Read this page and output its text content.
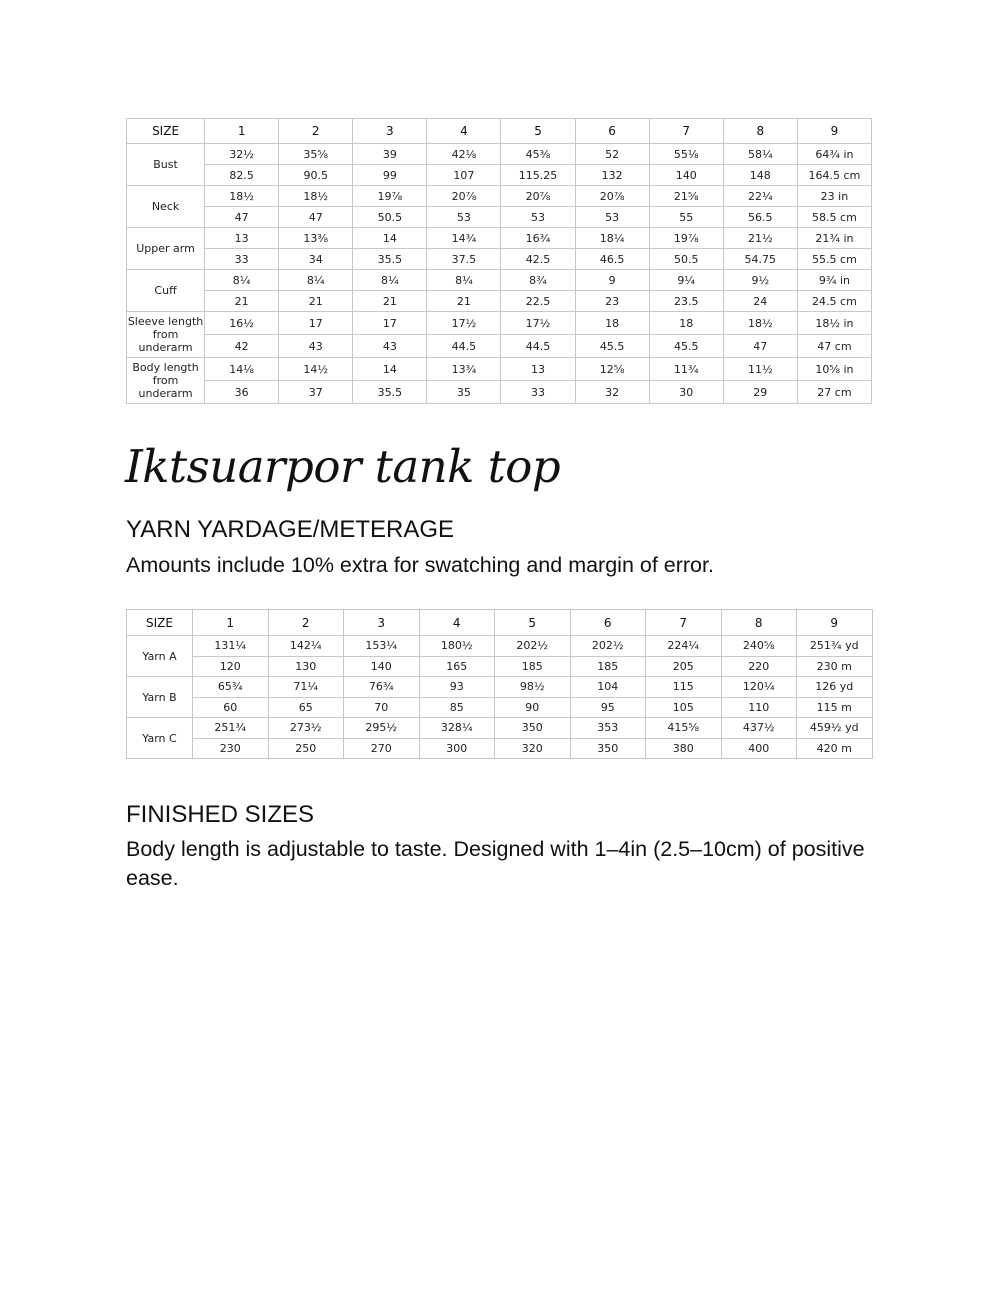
SIZE	1	2	3	4	5	6	7	8	9
Bust	32½	35⅝	39	42⅛	45⅜	52	55⅛	58¼	64¾ in
	82.5	90.5	99	107	115.25	132	140	148	164.5 cm
Neck	18½	18½	19⅞	20⅞	20⅞	20⅞	21⅝	22¼	23 in
	47	47	50.5	53	53	53	55	56.5	58.5 cm
Upper arm	13	13⅜	14	14¾	16¾	18¼	19⅞	21½	21¾ in
	33	34	35.5	37.5	42.5	46.5	50.5	54.75	55.5 cm
Cuff	8¼	8¼	8¼	8¼	8¾	9	9¼	9½	9¾ in
	21	21	21	21	22.5	23	23.5	24	24.5 cm
Sleeve length from underarm	16½	17	17	17½	17½	18	18	18½	18½ in
	42	43	43	44.5	44.5	45.5	45.5	47	47 cm
Body length from underarm	14⅛	14½	14	13¾	13	12⅝	11¾	11½	10⅝ in
	36	37	35.5	35	33	32	30	29	27 cm
Iktsuarpor tank top
YARN YARDAGE/METERAGE

Amounts include 10% extra for swatching and margin of error.

SIZE	1	2	3	4	5	6	7	8	9
Yarn A	131¼	142¼	153¼	180½	202½	202½	224¼	240⅝	251¾ yd
	120	130	140	165	185	185	205	220	230 m
Yarn B	65¾	71¼	76¾	93	98½	104	115	120¼	126 yd
	60	65	70	85	90	95	105	110	115 m
Yarn C	251¾	273½	295½	328¼	350	353	415⅝	437½	459½ yd
	230	250	270	300	320	350	380	400	420 m
FINISHED SIZES

Body length is adjustable to taste. Designed with 1–4in (2.5–10cm) of positive ease.
